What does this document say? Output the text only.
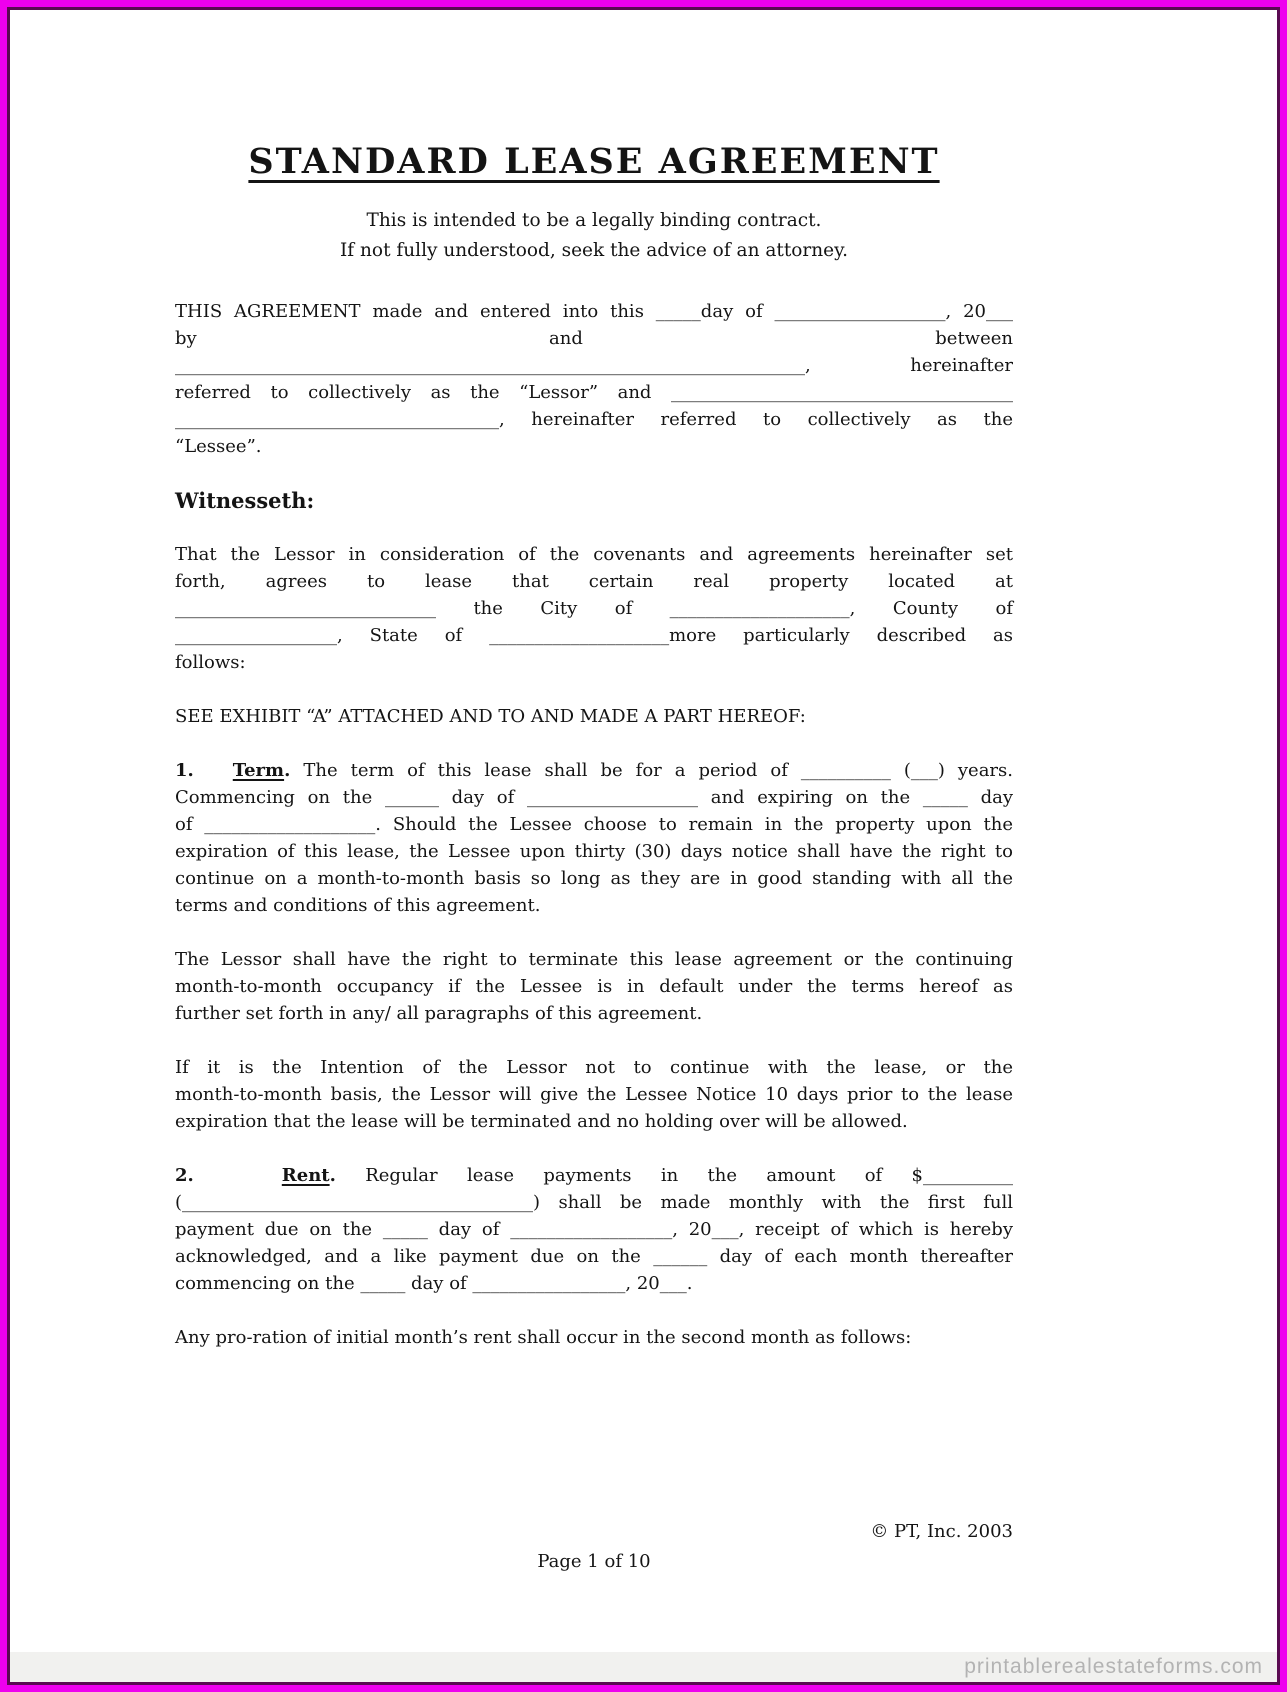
STANDARD LEASE AGREEMENT
This is intended to be a legally binding contract.
If not fully understood, seek the advice of an attorney.
THIS AGREEMENT made and entered into this _____day of ___________________, 20___
by and between
______________________________________________________________________, hereinafter
referred to collectively as the “Lessor” and ______________________________________
____________________________________, hereinafter referred to collectively as the
“Lessee”.
Witnesseth:
That the Lessor in consideration of the covenants and agreements hereinafter set
forth, agrees to lease that certain real property located at
_____________________________ the City of ____________________, County of
__________________, State of ____________________more particularly described as
follows:
SEE EXHIBIT “A” ATTACHED AND TO AND MADE A PART HEREOF:
1. Term. The term of this lease shall be for a period of __________ (___) years.
Commencing on the ______ day of ___________________ and expiring on the _____ day
of ___________________. Should the Lessee choose to remain in the property upon the
expiration of this lease, the Lessee upon thirty (30) days notice shall have the right to
continue on a month-to-month basis so long as they are in good standing with all the
terms and conditions of this agreement.
The Lessor shall have the right to terminate this lease agreement or the continuing
month-to-month occupancy if the Lessee is in default under the terms hereof as
further set forth in any/ all paragraphs of this agreement.
If it is the Intention of the Lessor not to continue with the lease, or the
month-to-month basis, the Lessor will give the Lessee Notice 10 days prior to the lease
expiration that the lease will be terminated and no holding over will be allowed.
2.	Rent. Regular lease payments in the amount of $__________
(_______________________________________) shall be made monthly with the first full
payment due on the _____ day of __________________, 20___, receipt of which is hereby
acknowledged, and a like payment due on the ______ day of each month thereafter
commencing on the _____ day of _________________, 20___.
Any pro-ration of initial month’s rent shall occur in the second month as follows:
© PT, Inc. 2003
Page 1 of 10
printablerealestateforms.com
